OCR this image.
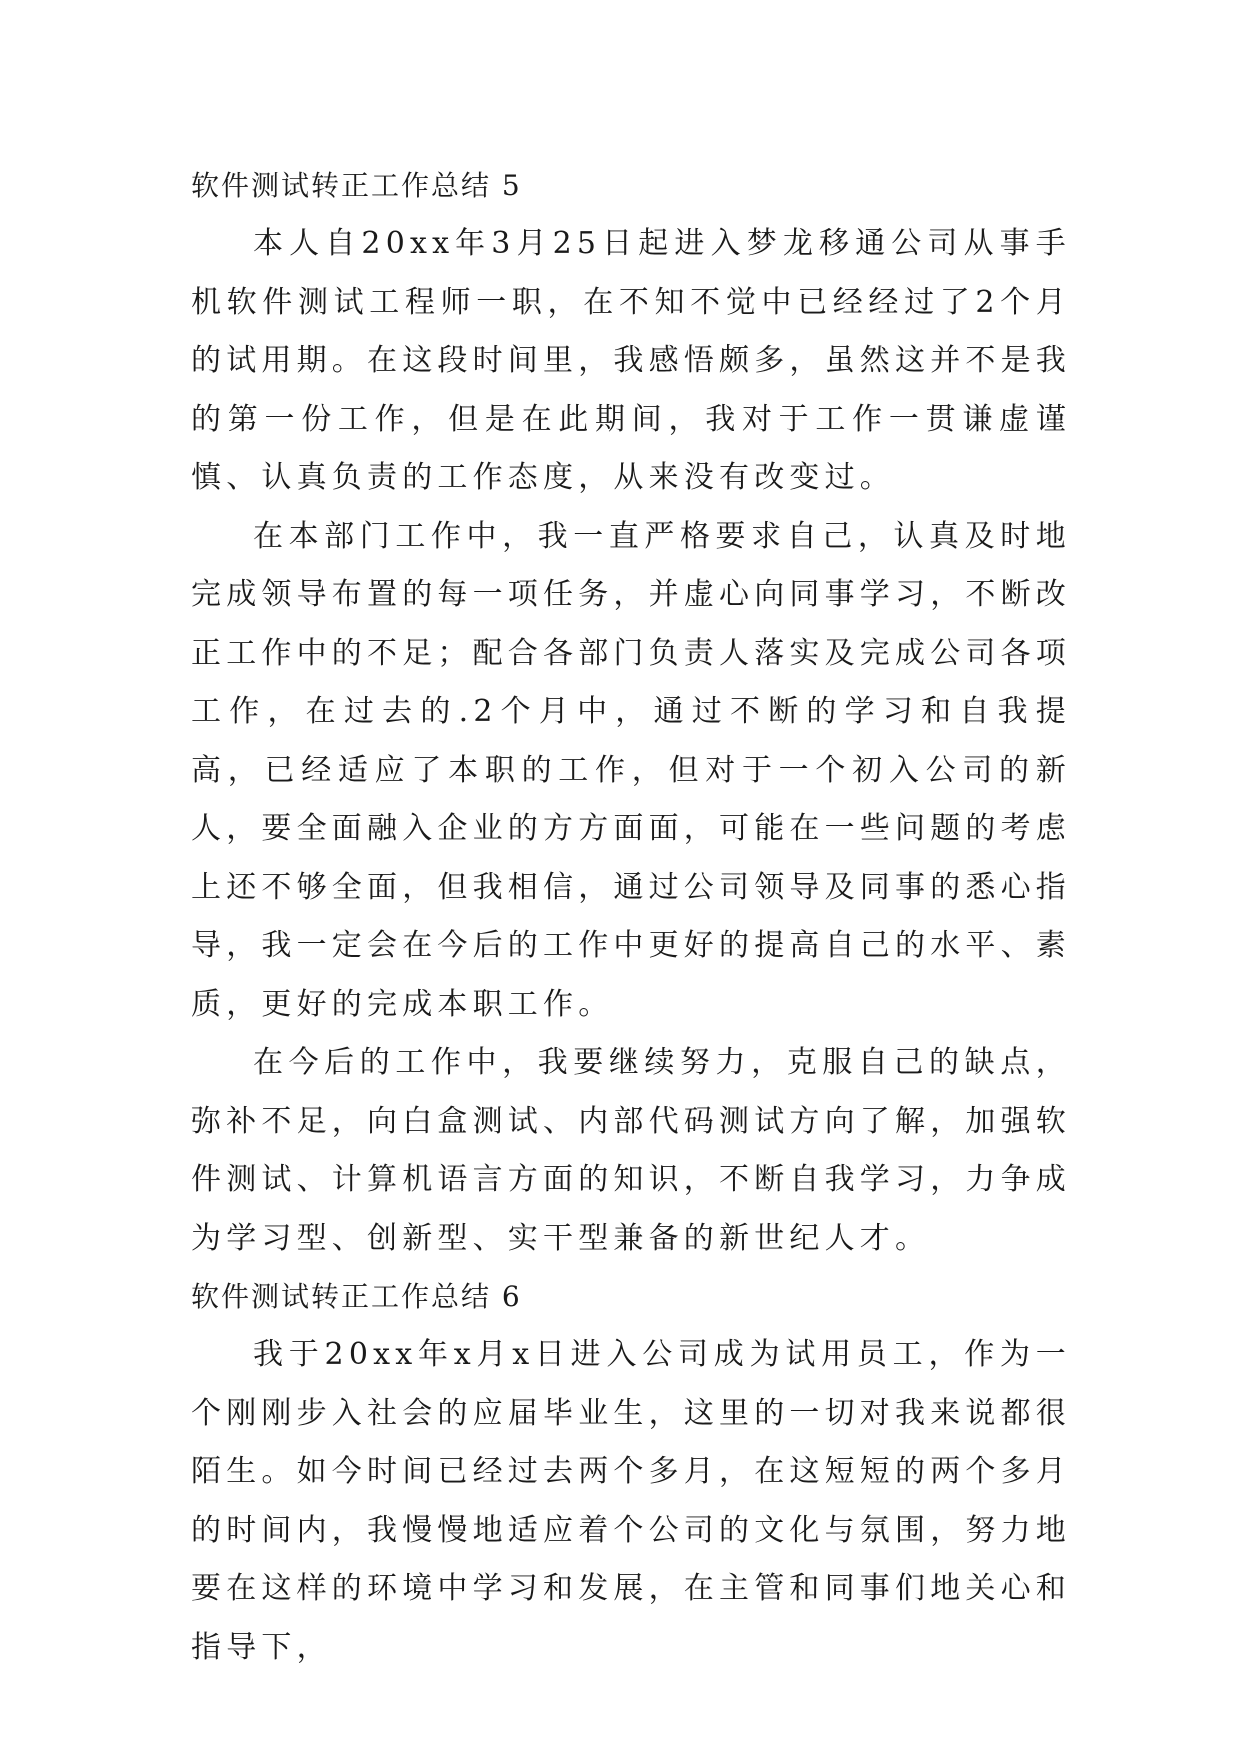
软件测试转正工作总结 5

本人自20xx年3月25日起进入梦龙移通公司从事手机软件测试工程师一职，在不知不觉中已经经过了2个月的试用期。在这段时间里，我感悟颇多，虽然这并不是我的第一份工作，但是在此期间，我对于工作一贯谦虚谨慎、认真负责的工作态度，从来没有改变过。

在本部门工作中，我一直严格要求自己，认真及时地完成领导布置的每一项任务，并虚心向同事学习，不断改正工作中的不足；配合各部门负责人落实及完成公司各项工作，在过去的.2个月中，通过不断的学习和自我提高，已经适应了本职的工作，但对于一个初入公司的新人，要全面融入企业的方方面面，可能在一些问题的考虑上还不够全面，但我相信，通过公司领导及同事的悉心指导，我一定会在今后的工作中更好的提高自己的水平、素质，更好的完成本职工作。

在今后的工作中，我要继续努力，克服自己的缺点，弥补不足，向白盒测试、内部代码测试方向了解，加强软件测试、计算机语言方面的知识，不断自我学习，力争成为学习型、创新型、实干型兼备的新世纪人才。

软件测试转正工作总结 6

我于20xx年x月x日进入公司成为试用员工，作为一个刚刚步入社会的应届毕业生，这里的一切对我来说都很陌生。如今时间已经过去两个多月，在这短短的两个多月的时间内，我慢慢地适应着个公司的文化与氛围，努力地要在这样的环境中学习和发展，在主管和同事们地关心和指导下，
